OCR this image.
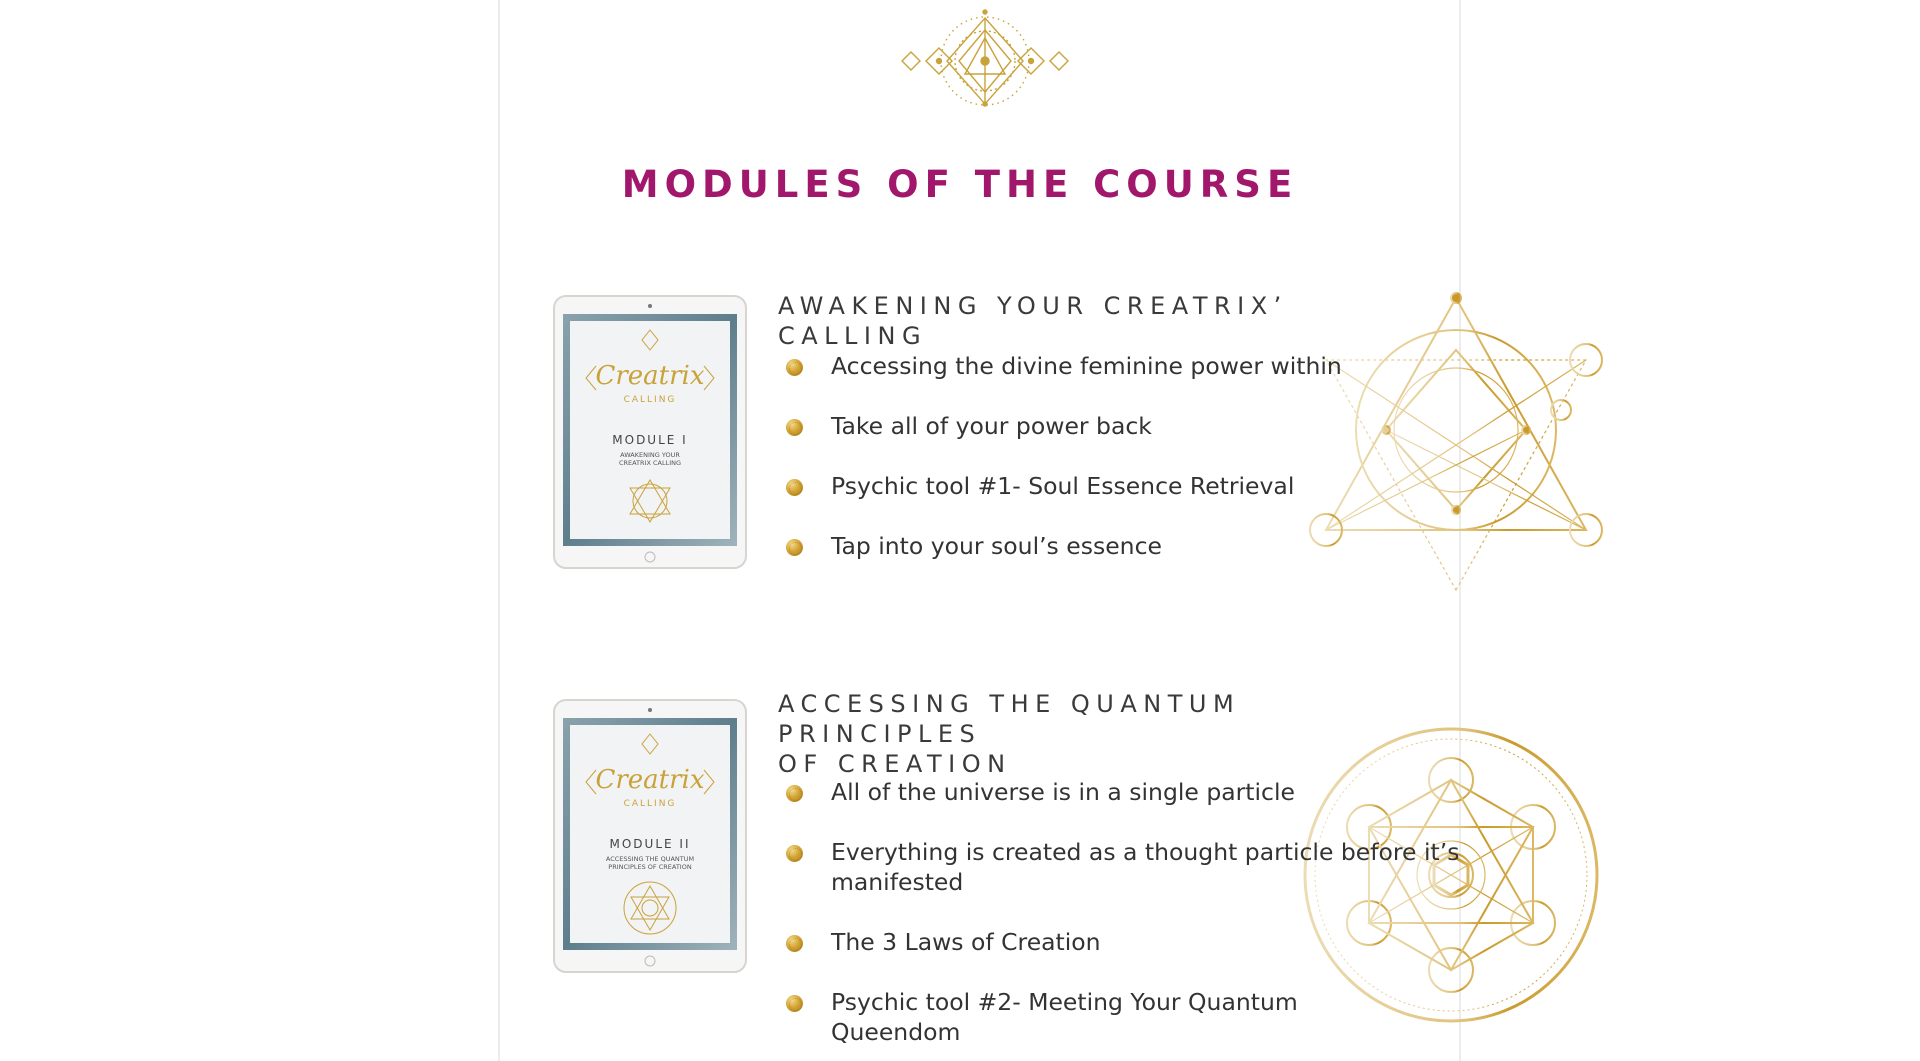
MODULES OF THE COURSE
Creatrix
CALLING
MODULE I
AWAKENING YOUR
CREATRIX CALLING
AWAKENING YOUR CREATRIX’ CALLING
Accessing the divine feminine power within
Take all of your power back
Psychic tool #1- Soul Essence Retrieval
Tap into your soul’s essence
Creatrix
CALLING
MODULE II
ACCESSING THE QUANTUM
PRINCIPLES OF CREATION
ACCESSING THE QUANTUM PRINCIPLES
OF CREATION
All of the universe is in a single particle
Everything is created as a thought particle before it’s manifested
The 3 Laws of Creation
Psychic tool #2- Meeting Your Quantum Queendom
